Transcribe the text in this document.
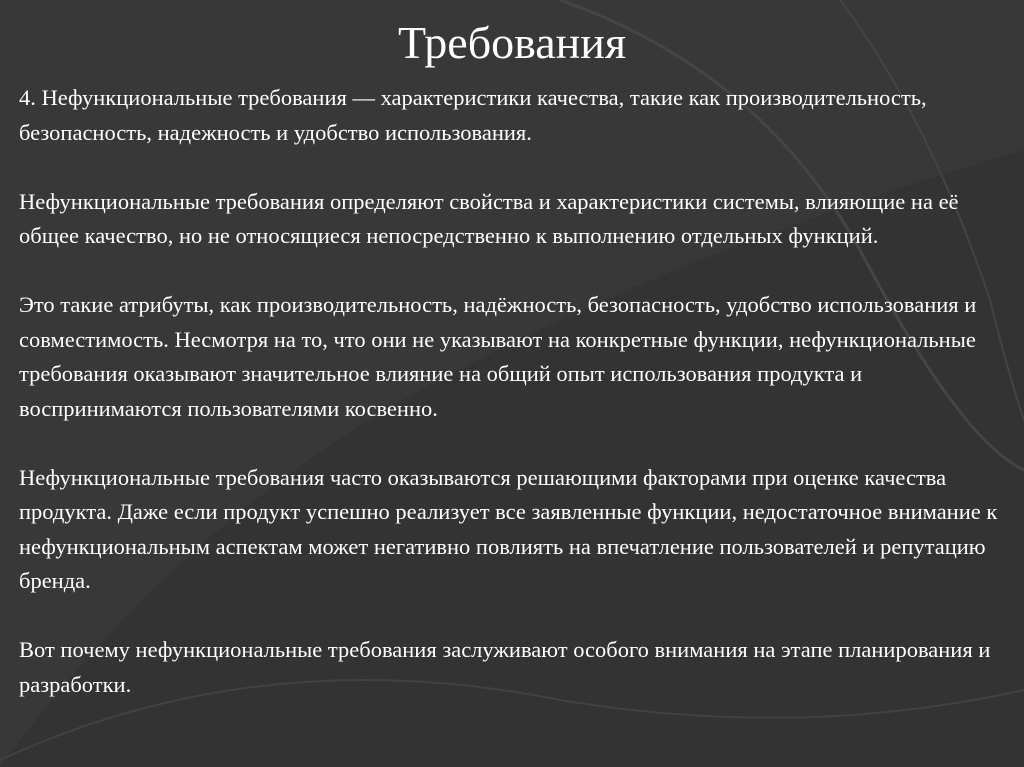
Требования

4. Нефункциональные требования — характеристики качества, такие как производительность, безопасность, надежность и удобство использования.

Нефункциональные требования определяют свойства и характеристики системы, влияющие на её общее качество, но не относящиеся непосредственно к выполнению отдельных функций.

Это такие атрибуты, как производительность, надёжность, безопасность, удобство использования и совместимость. Несмотря на то, что они не указывают на конкретные функции, нефункциональные требования оказывают значительное влияние на общий опыт использования продукта и воспринимаются пользователями косвенно.

Нефункциональные требования часто оказываются решающими факторами при оценке качества продукта. Даже если продукт успешно реализует все заявленные функции, недостаточное внимание к нефункциональным аспектам может негативно повлиять на впечатление пользователей и репутацию бренда.

Вот почему нефункциональные требования заслуживают особого внимания на этапе планирования и разработки.
